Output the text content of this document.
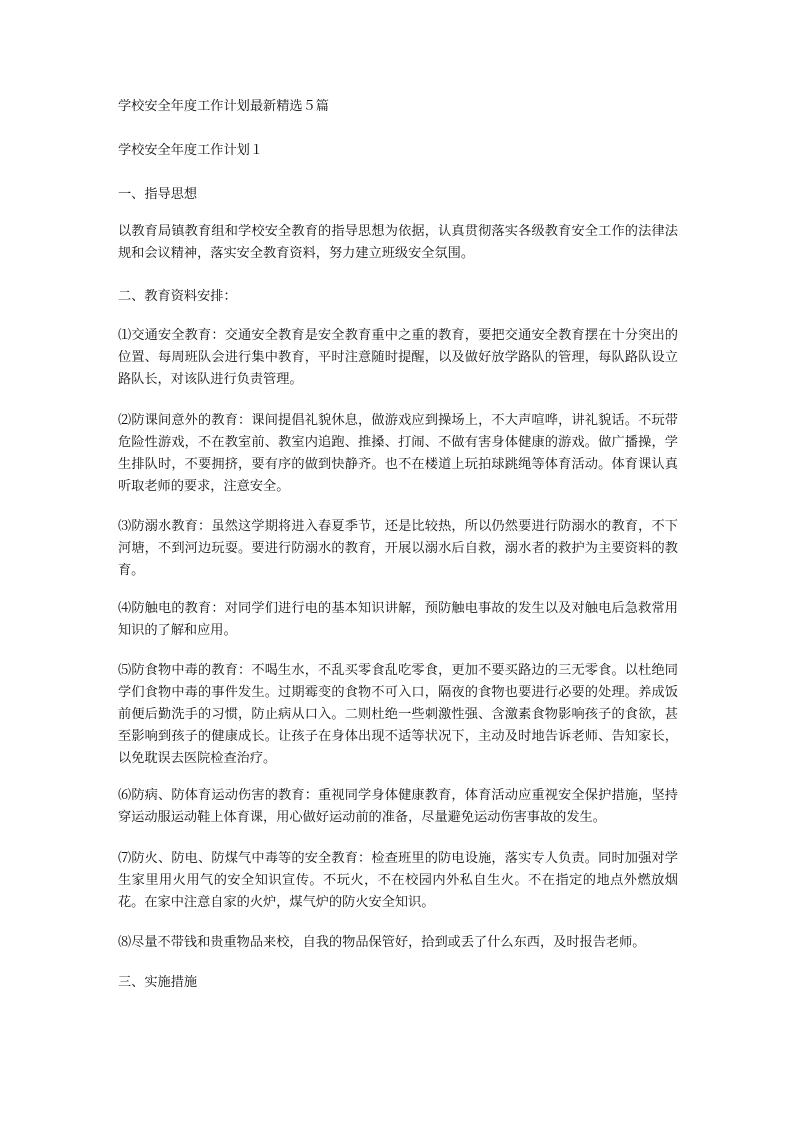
学校安全年度工作计划最新精选５篇

学校安全年度工作计划１

一、指导思想

以教育局镇教育组和学校安全教育的指导思想为依据，认真贯彻落实各级教育安全工作的法律法规和会议精神，落实安全教育资料，努力建立班级安全氛围。

二、教育资料安排：

⑴交通安全教育：交通安全教育是安全教育重中之重的教育，要把交通安全教育摆在十分突出的位置、每周班队会进行集中教育，平时注意随时提醒，以及做好放学路队的管理，每队路队设立路队长，对该队进行负责管理。

⑵防课间意外的教育：课间提倡礼貌休息，做游戏应到操场上，不大声喧哗，讲礼貌话。不玩带危险性游戏，不在教室前、教室内追跑、推搡、打闹、不做有害身体健康的游戏。做广播操，学生排队时，不要拥挤，要有序的做到快静齐。也不在楼道上玩拍球跳绳等体育活动。体育课认真听取老师的要求，注意安全。

⑶防溺水教育：虽然这学期将进入春夏季节，还是比较热，所以仍然要进行防溺水的教育，不下河塘，不到河边玩耍。要进行防溺水的教育，开展以溺水后自救，溺水者的救护为主要资料的教育。

⑷防触电的教育：对同学们进行电的基本知识讲解，预防触电事故的发生以及对触电后急救常用知识的了解和应用。

⑸防食物中毒的教育：不喝生水，不乱买零食乱吃零食，更加不要买路边的三无零食。以杜绝同学们食物中毒的事件发生。过期霉变的食物不可入口，隔夜的食物也要进行必要的处理。养成饭前便后勤洗手的习惯，防止病从口入。二则杜绝一些刺激性强、含激素食物影响孩子的食欲，甚至影响到孩子的健康成长。让孩子在身体出现不适等状况下，主动及时地告诉老师、告知家长，以免耽误去医院检查治疗。

⑹防病、防体育运动伤害的教育：重视同学身体健康教育，体育活动应重视安全保护措施，坚持穿运动服运动鞋上体育课，用心做好运动前的准备，尽量避免运动伤害事故的发生。

⑺防火、防电、防煤气中毒等的安全教育：检查班里的防电设施，落实专人负责。同时加强对学生家里用火用气的安全知识宣传。不玩火，不在校园内外私自生火。不在指定的地点外燃放烟花。在家中注意自家的火炉，煤气炉的防火安全知识。

⑻尽量不带钱和贵重物品来校，自我的物品保管好，拾到或丢了什么东西，及时报告老师。

三、实施措施
